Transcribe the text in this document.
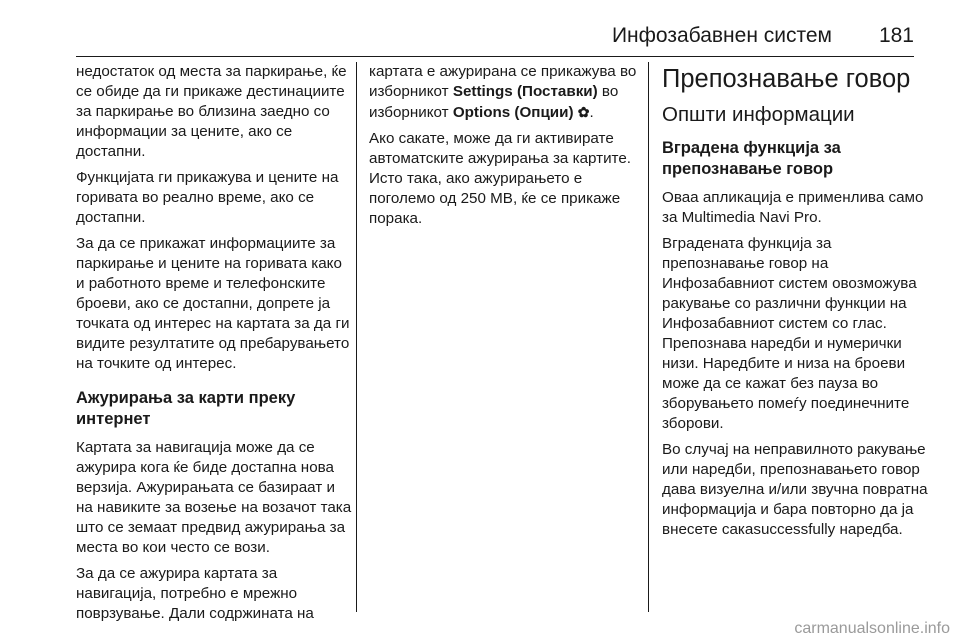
Инфозабавнен систем 181

недостаток од места за паркирање, ќе се обиде да ги прикаже дестинациите за паркирање во близина заедно со информации за цените, ако се достапни.

Функцијата ги прикажува и цените на горивата во реално време, ако се достапни.

За да се прикажат информациите за паркирање и цените на горивата како и работното време и телефонските броеви, ако се достапни, допрете ја точката од интерес на картата за да ги видите резултатите од пребарувањето на точките од интерес.

Ажурирања за карти преку интернет

Картата за навигација може да се ажурира кога ќе биде достапна нова верзија. Ажурирањата се базираат и на навиките за возење на возачот така што се земаат предвид ажурирања за места во кои често се вози.

За да се ажурира картата за навигација, потребно е мрежно поврзување. Дали содржината на

картата е ажурирана се прикажува во изборникот Settings (Поставки) во изборникот Options (Опции) ✿.

Ако сакате, може да ги активирате автоматските ажурирања за картите. Исто така, ако ажурирањето е поголемо од 250 MB, ќе се прикаже порака.

Препознавање говор
Општи информации
Вградена функција за препознавање говор

Оваа апликација е применлива само за Multimedia Navi Pro.

Вградената функција за препознавање говор на Инфозабавниот систем овозможува ракување со различни функции на Инфозабавниот систем со глас. Препознава наредби и нумерички низи. Наредбите и низа на броеви може да се кажат без пауза во зборувањето помеѓу поединечните зборови.

Во случај на неправилното ракување или наредби, препознавањето говор дава визуелна и/или звучна повратна информација и бара повторно да ја внесете сакаsuccessfully наредба.

carmanualsonline.info
